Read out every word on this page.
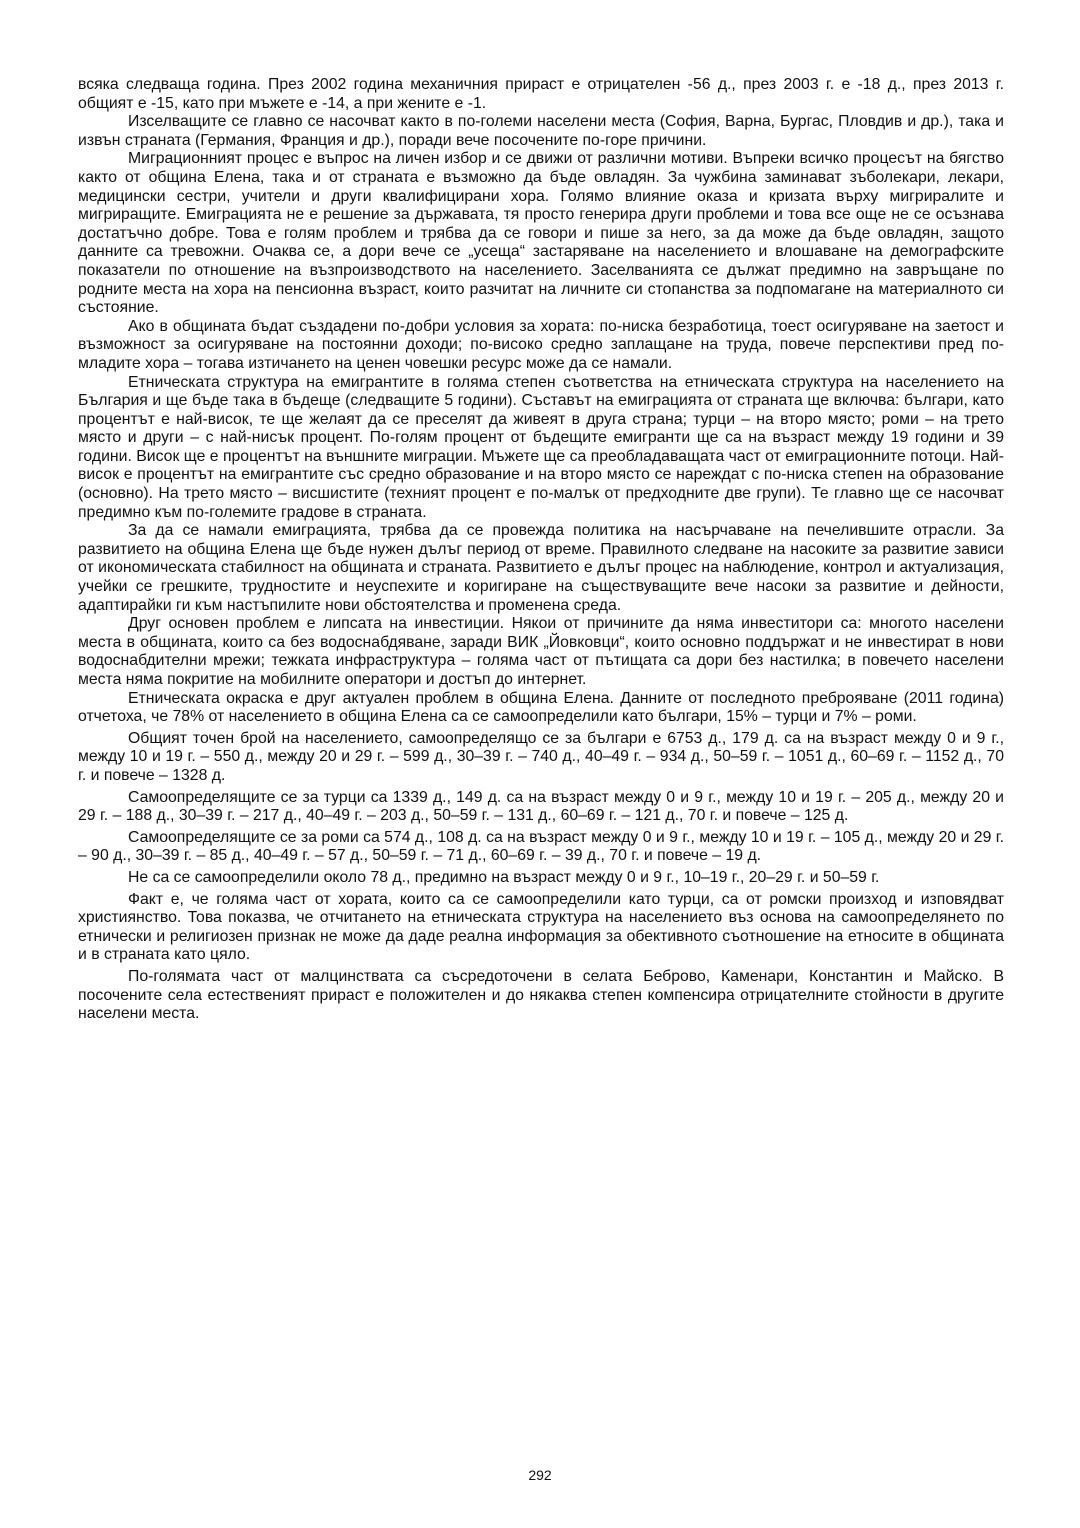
всяка следваща година. През 2002 година механичния прираст е отрицателен -56 д., през 2003 г. е -18 д., през 2013 г. общият е -15, като при мъжете е -14, а при жените е -1.

Изселващите се главно се насочват както в по-големи населени места (София, Варна, Бургас, Пловдив и др.), така и извън страната (Германия, Франция и др.), поради вече посочените по-горе причини.

Миграционният процес е въпрос на личен избор и се движи от различни мотиви. Въпреки всичко процесът на бягство както от община Елена, така и от страната е възможно да бъде овладян. За чужбина заминават зъболекари, лекари, медицински сестри, учители и други квалифицирани хора. Голямо влияние оказа и кризата върху мигриралите и мигриращите. Емиграцията не е решение за държавата, тя просто генерира други проблеми и това все още не се осъзнава достатъчно добре. Това е голям проблем и трябва да се говори и пише за него, за да може да бъде овладян, защото данните са тревожни. Очаква се, а дори вече се „усеща“ застаряване на населението и влошаване на демографските показатели по отношение на възпроизводството на населението. Заселванията се дължат предимно на завръщане по родните места на хора на пенсионна възраст, които разчитат на личните си стопанства за подпомагане на материалното си състояние.

Ако в общината бъдат създадени по-добри условия за хората: по-ниска безработица, тоест осигуряване на заетост и възможност за осигуряване на постоянни доходи; по-високо средно заплащане на труда, повече перспективи пред по-младите хора – тогава изтичането на ценен човешки ресурс може да се намали.

Етническата структура на емигрантите в голяма степен съответства на етническата структура на населението на България и ще бъде така в бъдеще (следващите 5 години). Съставът на емиграцията от страната ще включва: българи, като процентът е най-висок, те ще желаят да се преселят да живеят в друга страна; турци – на второ място; роми – на трето място и други – с най-нисък процент. По-голям процент от бъдещите емигранти ще са на възраст между 19 години и 39 години. Висок ще е процентът на външните миграции. Мъжете ще са преобладаващата част от емиграционните потоци. Най-висок е процентът на емигрантите със средно образование и на второ място се нареждат с по-ниска степен на образование (основно). На трето място – висшистите (техният процент е по-малък от предходните две групи). Те главно ще се насочват предимно към по-големите градове в страната.

За да се намали емиграцията, трябва да се провежда политика на насърчаване на печелившите отрасли. За развитието на община Елена ще бъде нужен дълъг период от време. Правилното следване на насоките за развитие зависи от икономическата стабилност на общината и страната. Развитието е дълъг процес на наблюдение, контрол и актуализация, учейки се грешките, трудностите и неуспехите и коригиране на съществуващите вече насоки за развитие и дейности, адаптирайки ги към настъпилите нови обстоятелства и променена среда.

Друг основен проблем е липсата на инвестиции. Някои от причините да няма инвеститори са: многото населени места в общината, които са без водоснабдяване, заради ВИК „Йовковци“, които основно поддържат и не инвестират в нови водоснабдителни мрежи; тежката инфраструктура – голяма част от пътищата са дори без настилка; в повечето населени места няма покритие на мобилните оператори и достъп до интернет.

Етническата окраска е друг актуален проблем в община Елена. Данните от последното преброяване (2011 година) отчетоха, че 78% от населението в община Елена са се самоопределили като българи, 15% – турци и 7% – роми.

Общият точен брой на населението, самоопределящо се за българи е 6753 д., 179 д. са на възраст между 0 и 9 г., между 10 и 19 г. – 550 д., между 20 и 29 г. – 599 д., 30–39 г. – 740 д., 40–49 г. – 934 д., 50–59 г. – 1051 д., 60–69 г. – 1152 д., 70 г. и повече – 1328 д.

Самоопределящите се за турци са 1339 д., 149 д. са на възраст между 0 и 9 г., между 10 и 19 г. – 205 д., между 20 и 29 г. – 188 д., 30–39 г. – 217 д., 40–49 г. – 203 д., 50–59 г. – 131 д., 60–69 г. – 121 д., 70 г. и повече – 125 д.

Самоопределящите се за роми са 574 д., 108 д. са на възраст между 0 и 9 г., между 10 и 19 г. – 105 д., между 20 и 29 г. – 90 д., 30–39 г. – 85 д., 40–49 г. – 57 д., 50–59 г. – 71 д., 60–69 г. – 39 д., 70 г. и повече – 19 д.

Не са се самоопределили около 78 д., предимно на възраст между 0 и 9 г., 10–19 г., 20–29 г. и 50–59 г.

Факт е, че голяма част от хората, които са се самоопределили като турци, са от ромски произход и изповядват християнство. Това показва, че отчитането на етническата структура на населението въз основа на самоопределянето по етнически и религиозен признак не може да даде реална информация за обективното съотношение на етносите в общината и в страната като цяло.

По-голямата част от малцинствата са съсредоточени в селата Беброво, Каменари, Константин и Майско. В посочените села естественият прираст е положителен и до някаква степен компенсира отрицателните стойности в другите населени места.

292
